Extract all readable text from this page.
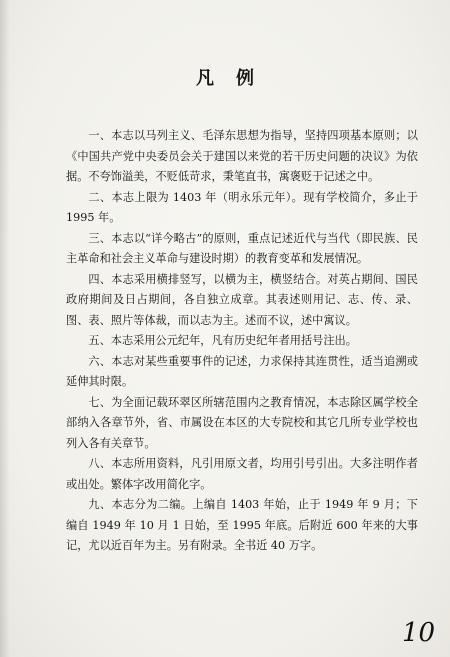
凡例

一、本志以马列主义、毛泽东思想为指导，坚持四项基本原则；以《中国共产党中央委员会关于建国以来党的若干历史问题的决议》为依据。不夸饰溢美，不贬低苛求，秉笔直书，寓褒贬于记述之中。

二、本志上限为 1403 年（明永乐元年）。现有学校简介，多止于 1995 年。

三、本志以“详今略古”的原则，重点记述近代与当代（即民族、民主革命和社会主义革命与建设时期）的教育变革和发展情况。

四、本志采用横排竖写，以横为主，横竖结合。对英占期间、国民政府期间及日占期间，各自独立成章。其表述则用记、志、传、录、图、表、照片等体裁，而以志为主。述而不议，述中寓议。

五、本志采用公元纪年，凡有历史纪年者用括号注出。

六、本志对某些重要事件的记述，力求保持其连贯性，适当追溯或延伸其时限。

七、为全面记载环翠区所辖范围内之教育情况，本志除区属学校全部纳入各章节外，省、市属设在本区的大专院校和其它几所专业学校也列入各有关章节。

八、本志所用资料，凡引用原文者，均用引号引出。大多注明作者或出处。繁体字改用简化字。

九、本志分为二编。上编自 1403 年始，止于 1949 年 9 月；下编自 1949 年 10 月 1 日始，至 1995 年底。后附近 600 年来的大事记，尤以近百年为主。另有附录。全书近 40 万字。

10
